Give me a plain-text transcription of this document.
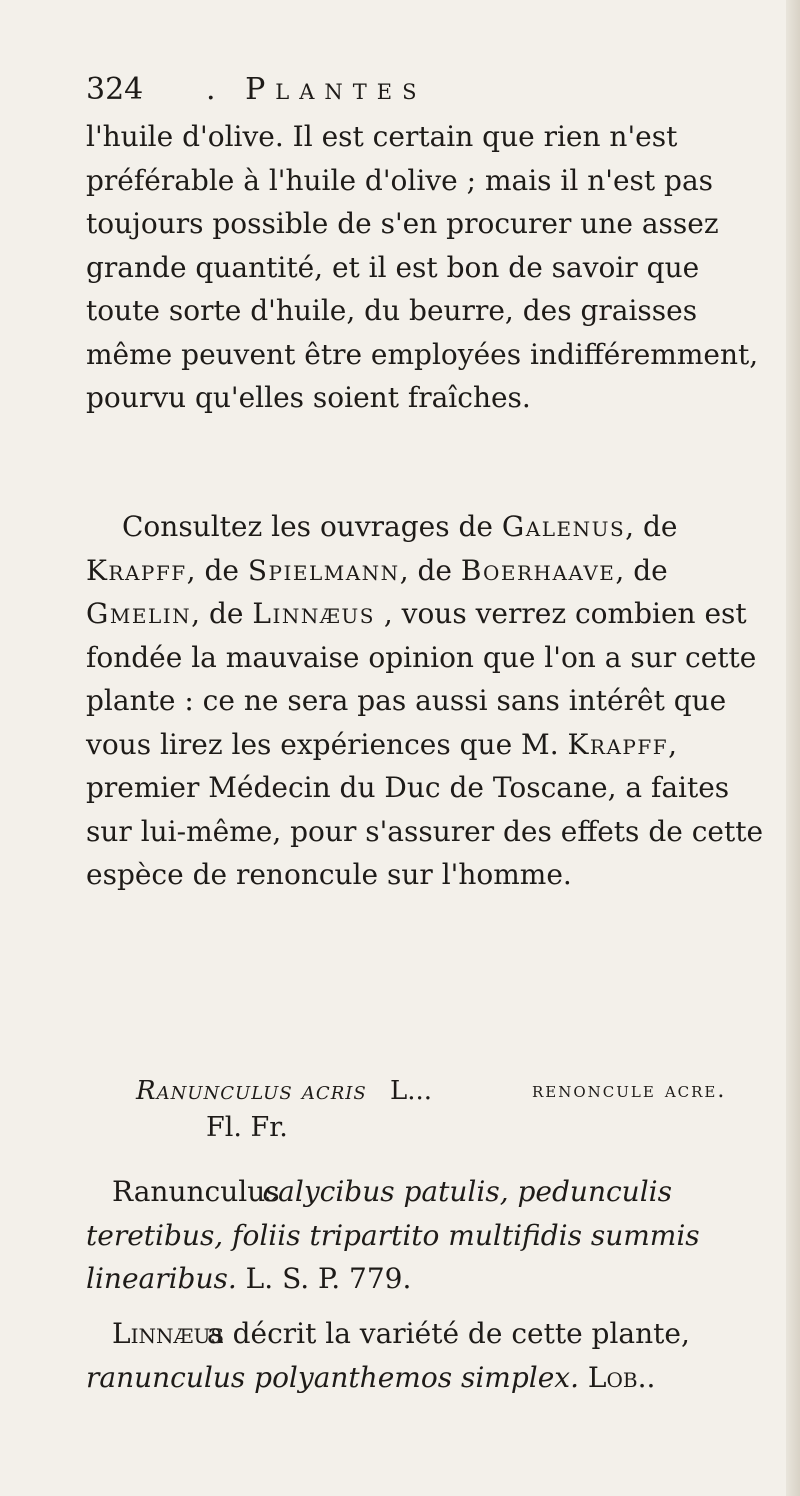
324 . Plantes
l'huile d'olive. Il est certain que rien n'est préférable à l'huile d'olive ; mais il n'est pas toujours possible de s'en procurer une assez grande quantité, et il est bon de savoir que toute sorte d'huile, du beurre, des graisses même peuvent être employées indifféremment, pourvu qu'elles soient fraîches.
Consultez les ouvrages de Galenus, de Krapff, de Spielmann, de Boerhaave, de Gmelin, de Linnæus , vous verrez combien est fondée la mauvaise opinion que l'on a sur cette plante : ce ne sera pas aussi sans intérêt que vous lirez les expériences que M. Krapff, premier Médecin du Duc de Toscane, a faites sur lui-même, pour s'assurer des effets de cette espèce de renoncule sur l'homme.
Ranunculus acris L...	renoncule acre.
Fl. Fr.
Ranunculus calycibus patulis, pedunculis teretibus, foliis tripartito multifidis summis linearibus. L. S. P. 779.
Linnæus a décrit la variété de cette plante, ranunculus polyanthemos simplex. Lob..
